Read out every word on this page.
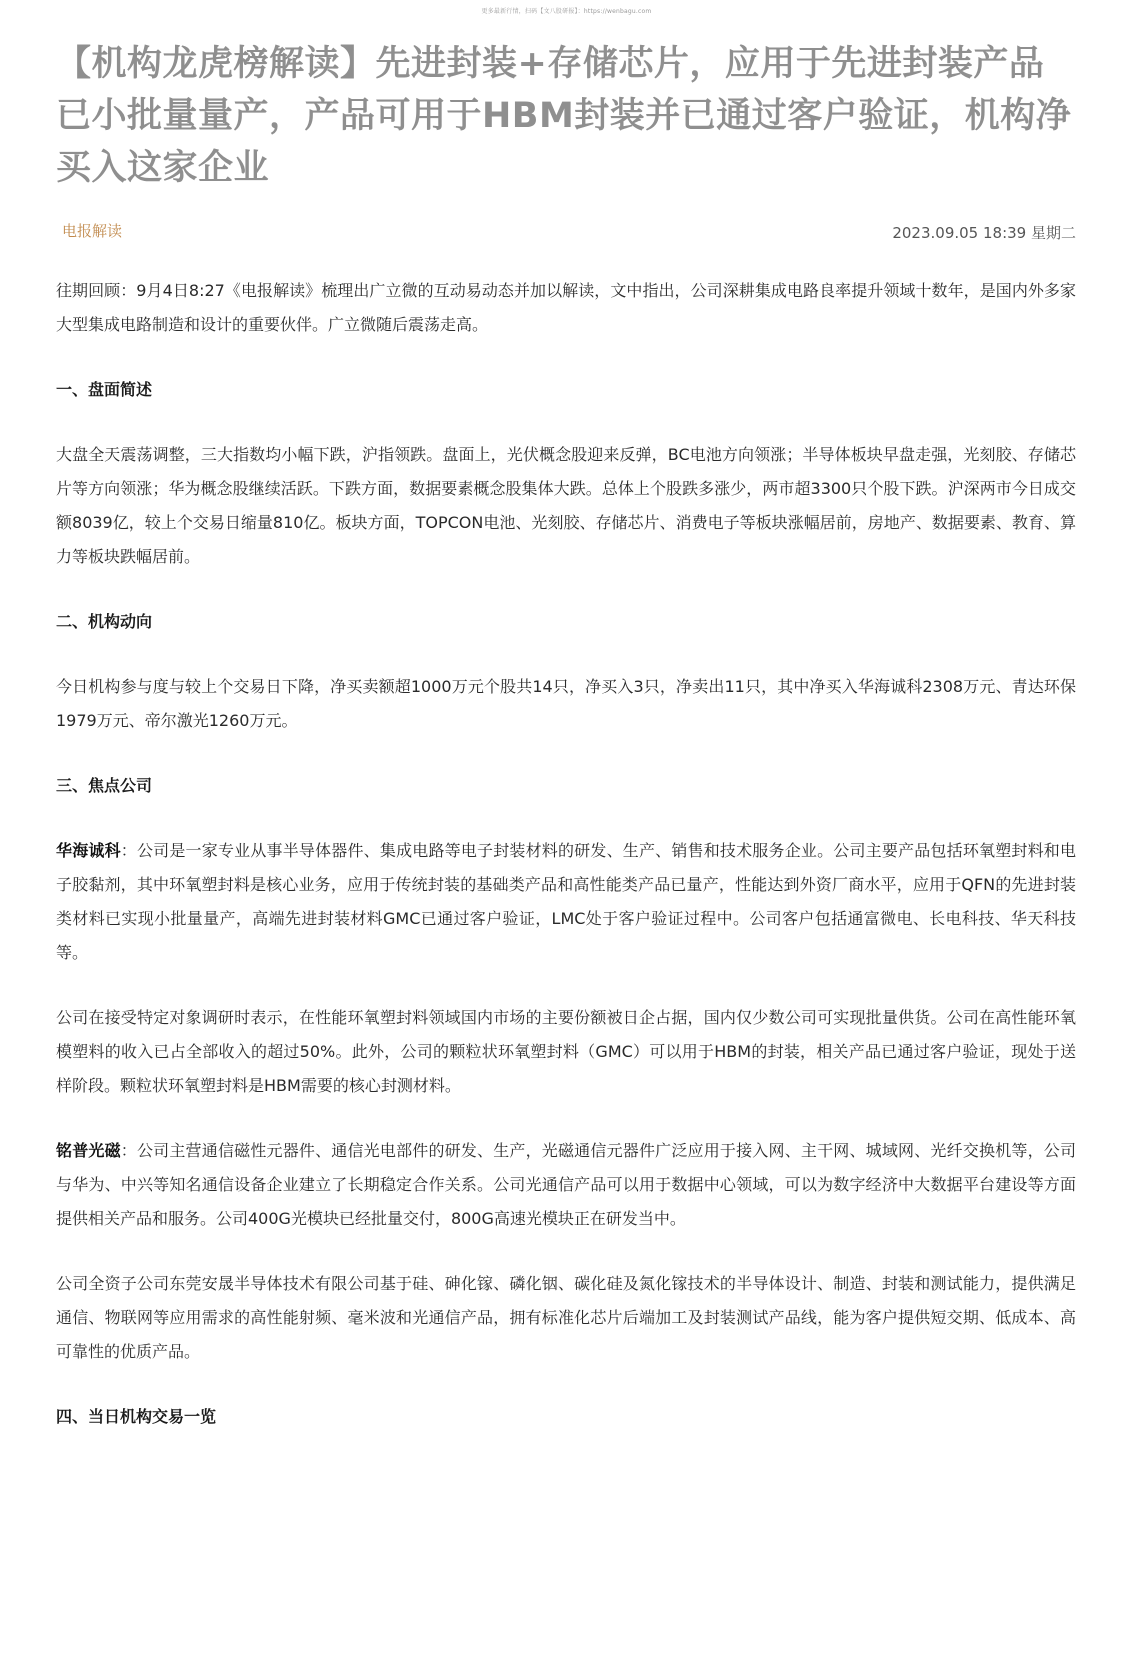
更多最新行情，扫码【文八股研报】：https://wenbagu.com
【机构龙虎榜解读】先进封装+存储芯片，应用于先进封装产品已小批量量产，产品可用于HBM封装并已通过客户验证，机构净买入这家企业
电报解读	2023.09.05 18:39 星期二

往期回顾：9月4日8:27《电报解读》梳理出广立微的互动易动态并加以解读，文中指出，公司深耕集成电路良率提升领域十数年，是国内外多家大型集成电路制造和设计的重要伙伴。广立微随后震荡走高。

一、盘面简述

大盘全天震荡调整，三大指数均小幅下跌，沪指领跌。盘面上，光伏概念股迎来反弹，BC电池方向领涨；半导体板块早盘走强，光刻胶、存储芯片等方向领涨；华为概念股继续活跃。下跌方面，数据要素概念股集体大跌。总体上个股跌多涨少，两市超3300只个股下跌。沪深两市今日成交额8039亿，较上个交易日缩量810亿。板块方面，TOPCON电池、光刻胶、存储芯片、消费电子等板块涨幅居前，房地产、数据要素、教育、算力等板块跌幅居前。

二、机构动向

今日机构参与度与较上个交易日下降，净买卖额超1000万元个股共14只，净买入3只，净卖出11只，其中净买入华海诚科2308万元、青达环保1979万元、帝尔激光1260万元。

三、焦点公司

华海诚科：公司是一家专业从事半导体器件、集成电路等电子封装材料的研发、生产、销售和技术服务企业。公司主要产品包括环氧塑封料和电子胶黏剂，其中环氧塑封料是核心业务，应用于传统封装的基础类产品和高性能类产品已量产，性能达到外资厂商水平，应用于QFN的先进封装类材料已实现小批量量产，高端先进封装材料GMC已通过客户验证，LMC处于客户验证过程中。公司客户包括通富微电、长电科技、华天科技等。

公司在接受特定对象调研时表示，在性能环氧塑封料领域国内市场的主要份额被日企占据，国内仅少数公司可实现批量供货。公司在高性能环氧模塑料的收入已占全部收入的超过50%。此外，公司的颗粒状环氧塑封料（GMC）可以用于HBM的封装，相关产品已通过客户验证，现处于送样阶段。颗粒状环氧塑封料是HBM需要的核心封测材料。

铭普光磁：公司主营通信磁性元器件、通信光电部件的研发、生产，光磁通信元器件广泛应用于接入网、主干网、城域网、光纤交换机等，公司与华为、中兴等知名通信设备企业建立了长期稳定合作关系。公司光通信产品可以用于数据中心领域，可以为数字经济中大数据平台建设等方面提供相关产品和服务。公司400G光模块已经批量交付，800G高速光模块正在研发当中。

公司全资子公司东莞安晟半导体技术有限公司基于硅、砷化镓、磷化铟、碳化硅及氮化镓技术的半导体设计、制造、封装和测试能力，提供满足通信、物联网等应用需求的高性能射频、毫米波和光通信产品，拥有标准化芯片后端加工及封装测试产品线，能为客户提供短交期、低成本、高可靠性的优质产品。

四、当日机构交易一览
